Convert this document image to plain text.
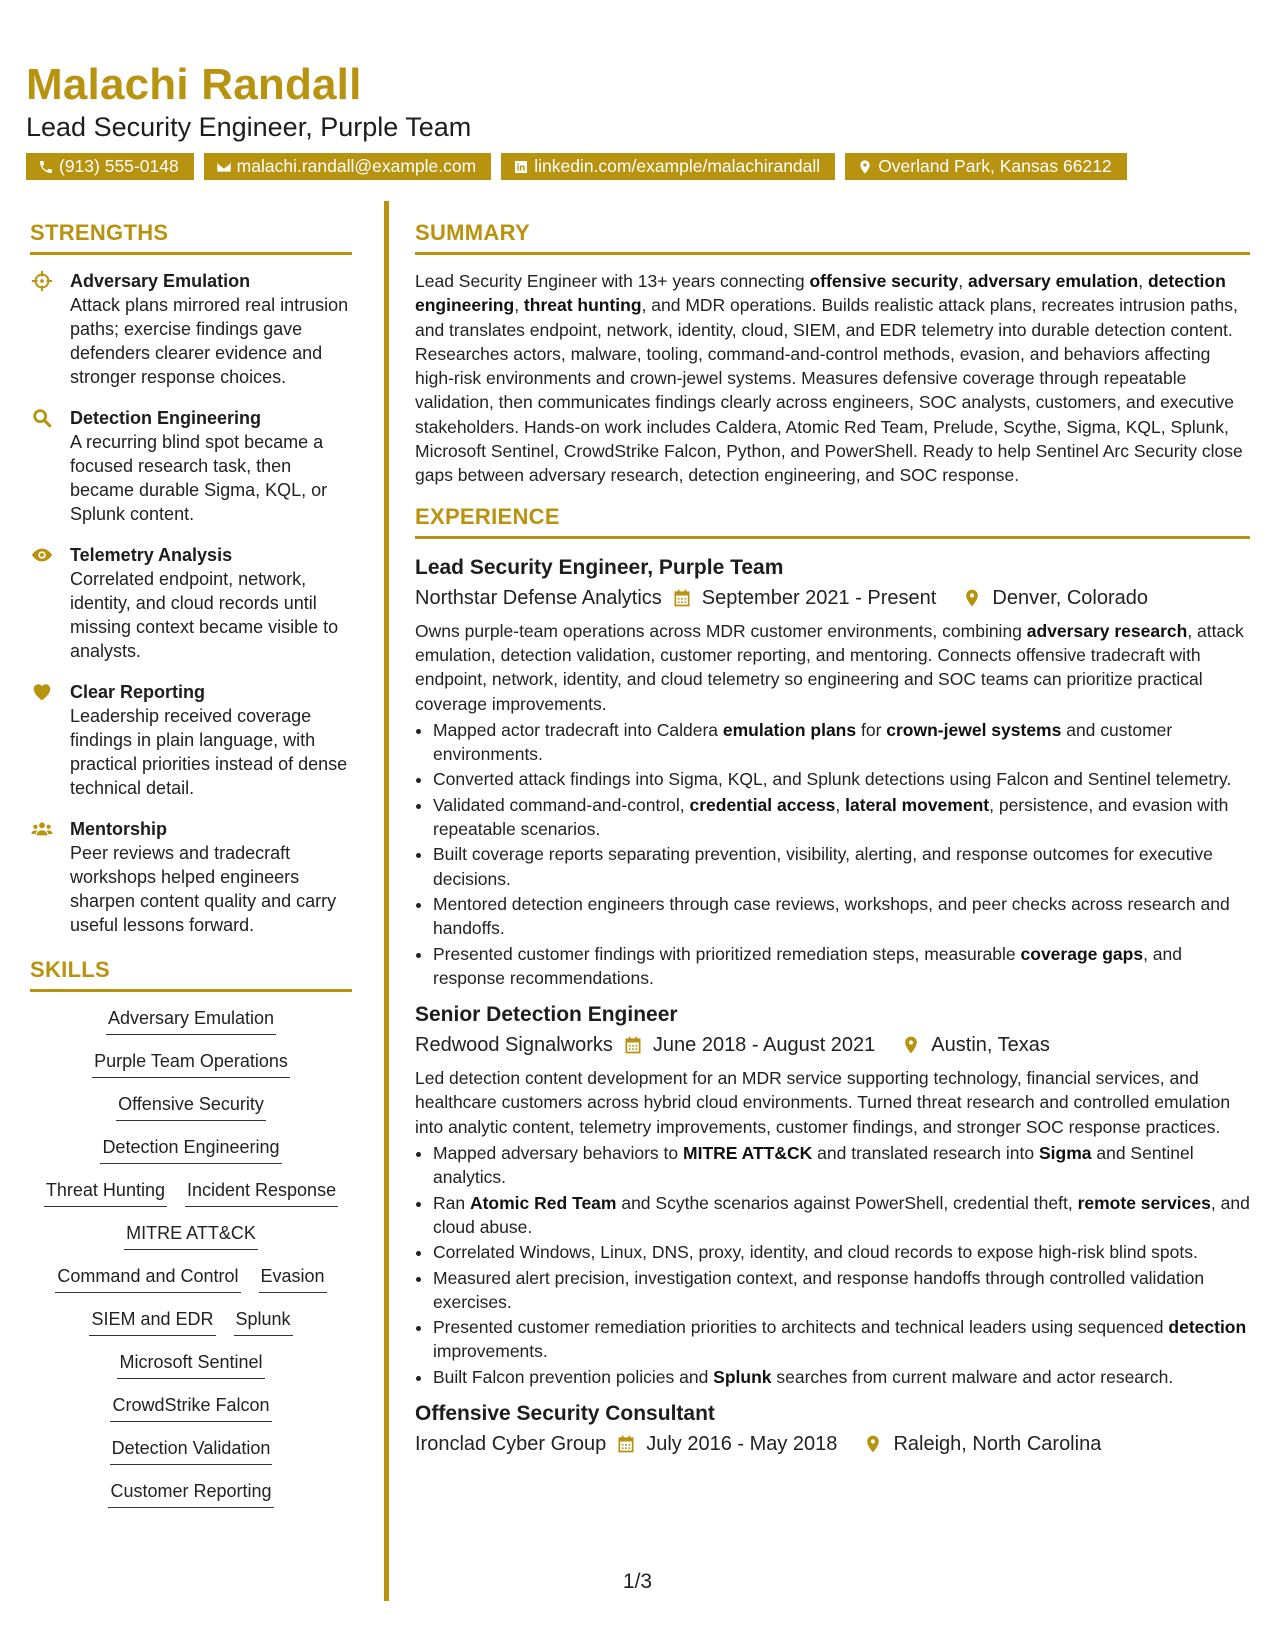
Malachi Randall
Lead Security Engineer, Purple Team
(913) 555-0148	malachi.randall@example.com	linkedin.com/example/malachirandall	Overland Park, Kansas 66212
STRENGTHS
Adversary Emulation
Attack plans mirrored real intrusion paths; exercise findings gave defenders clearer evidence and stronger response choices.
Detection Engineering
A recurring blind spot became a focused research task, then became durable Sigma, KQL, or Splunk content.
Telemetry Analysis
Correlated endpoint, network, identity, and cloud records until missing context became visible to analysts.
Clear Reporting
Leadership received coverage findings in plain language, with practical priorities instead of dense technical detail.
Mentorship
Peer reviews and tradecraft workshops helped engineers sharpen content quality and carry useful lessons forward.
SKILLS
Adversary Emulation
Purple Team Operations
Offensive Security
Detection Engineering
Threat Hunting Incident Response
MITRE ATT&CK
Command and Control Evasion
SIEM and EDR Splunk
Microsoft Sentinel
CrowdStrike Falcon
Detection Validation
Customer Reporting
SUMMARY
Lead Security Engineer with 13+ years connecting offensive security, adversary emulation, detection engineering, threat hunting, and MDR operations. Builds realistic attack plans, recreates intrusion paths, and translates endpoint, network, identity, cloud, SIEM, and EDR telemetry into durable detection content. Researches actors, malware, tooling, command-and-control methods, evasion, and behaviors affecting high-risk environments and crown-jewel systems. Measures defensive coverage through repeatable validation, then communicates findings clearly across engineers, SOC analysts, customers, and executive stakeholders. Hands-on work includes Caldera, Atomic Red Team, Prelude, Scythe, Sigma, KQL, Splunk, Microsoft Sentinel, CrowdStrike Falcon, Python, and PowerShell. Ready to help Sentinel Arc Security close gaps between adversary research, detection engineering, and SOC response.
EXPERIENCE
Lead Security Engineer, Purple Team
Northstar Defense Analytics September 2021 - Present	Denver, Colorado
Owns purple-team operations across MDR customer environments, combining adversary research, attack emulation, detection validation, customer reporting, and mentoring. Connects offensive tradecraft with endpoint, network, identity, and cloud telemetry so engineering and SOC teams can prioritize practical coverage improvements.
• Mapped actor tradecraft into Caldera emulation plans for crown-jewel systems and customer environments.
• Converted attack findings into Sigma, KQL, and Splunk detections using Falcon and Sentinel telemetry.
• Validated command-and-control, credential access, lateral movement, persistence, and evasion with repeatable scenarios.
• Built coverage reports separating prevention, visibility, alerting, and response outcomes for executive decisions.
• Mentored detection engineers through case reviews, workshops, and peer checks across research and handoffs.
• Presented customer findings with prioritized remediation steps, measurable coverage gaps, and response recommendations.
Senior Detection Engineer
Redwood Signalworks June 2018 - August 2021	Austin, Texas
Led detection content development for an MDR service supporting technology, financial services, and healthcare customers across hybrid cloud environments. Turned threat research and controlled emulation into analytic content, telemetry improvements, customer findings, and stronger SOC response practices.
• Mapped adversary behaviors to MITRE ATT&CK and translated research into Sigma and Sentinel analytics.
• Ran Atomic Red Team and Scythe scenarios against PowerShell, credential theft, remote services, and cloud abuse.
• Correlated Windows, Linux, DNS, proxy, identity, and cloud records to expose high-risk blind spots.
• Measured alert precision, investigation context, and response handoffs through controlled validation exercises.
• Presented customer remediation priorities to architects and technical leaders using sequenced detection improvements.
• Built Falcon prevention policies and Splunk searches from current malware and actor research.
Offensive Security Consultant
Ironclad Cyber Group July 2016 - May 2018	Raleigh, North Carolina
1/3
